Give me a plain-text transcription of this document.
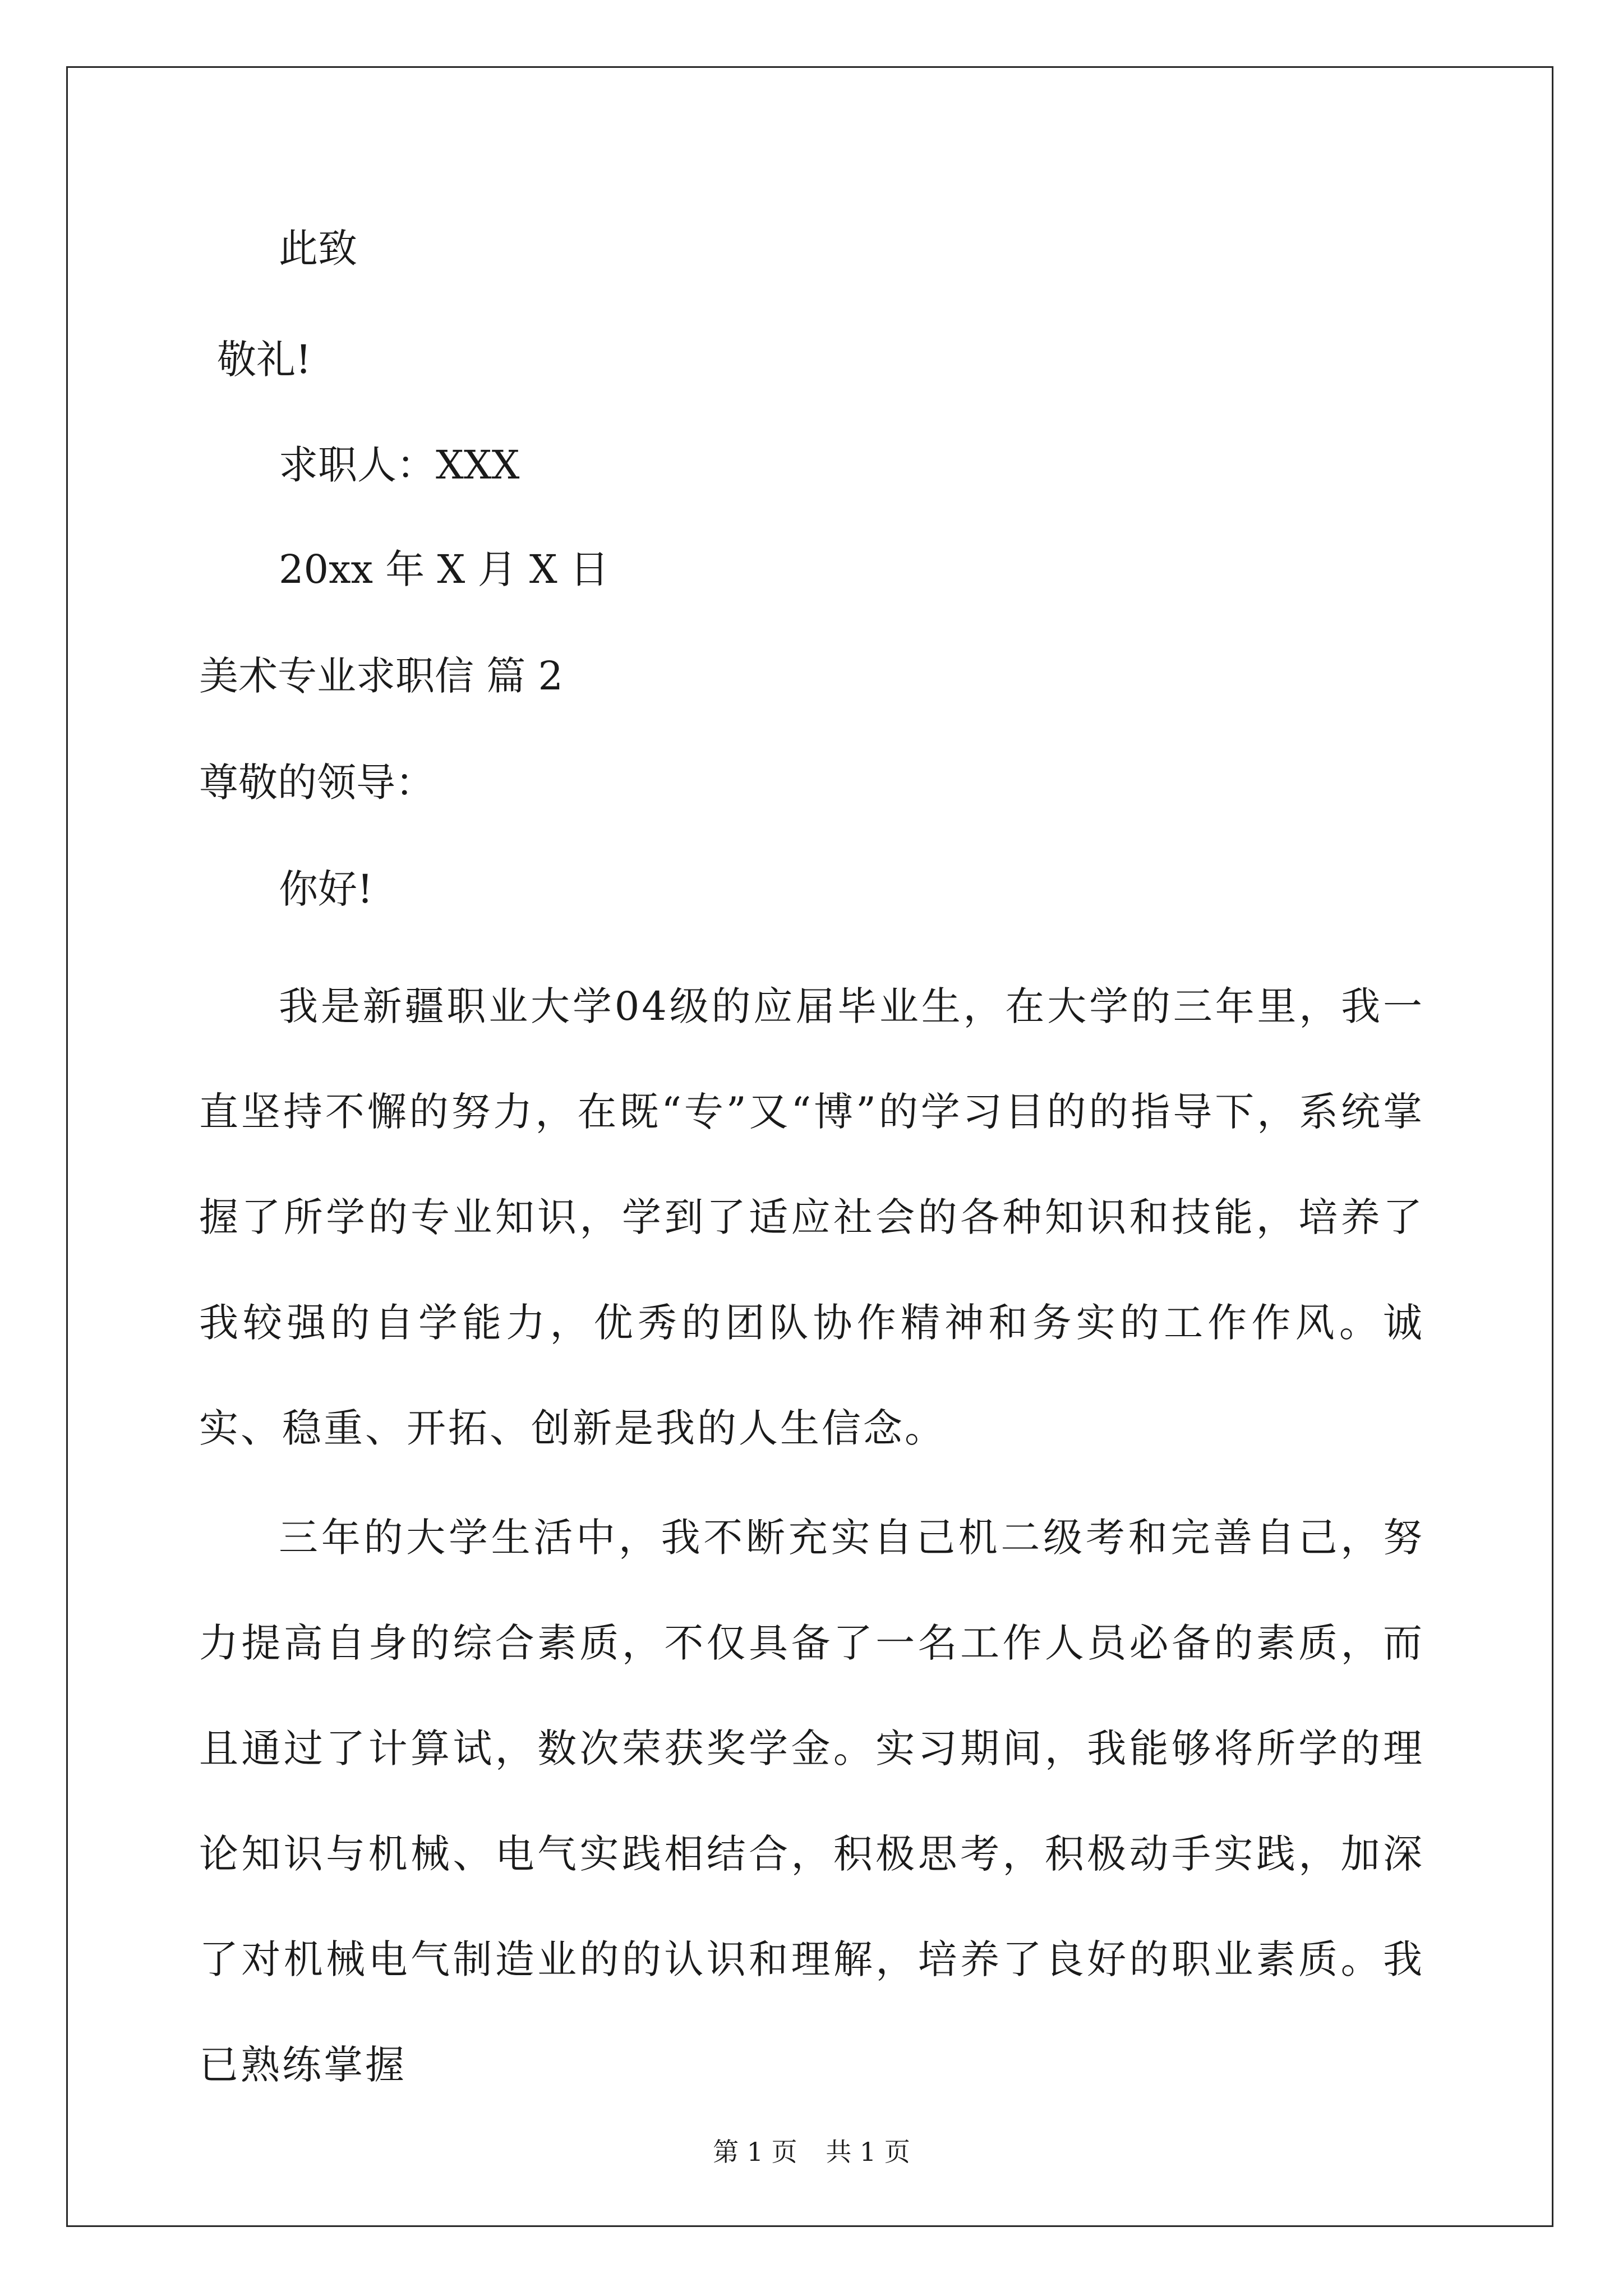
此致
敬礼!
求职人：XXX
20xx 年 X 月 X 日
美术专业求职信 篇 2
尊敬的领导：
你好!
我是新疆职业大学04级的应届毕业生，在大学的三年里，我一直坚持不懈的努力，在既“专”又“博”的学习目的的指导下，系统掌握了所学的专业知识，学到了适应社会的各种知识和技能，培养了我较强的自学能力，优秀的团队协作精神和务实的工作作风。诚实、稳重、开拓、创新是我的人生信念。
三年的大学生活中，我不断充实自己机二级考和完善自己，努力提高自身的综合素质，不仅具备了一名工作人员必备的素质，而且通过了计算试，数次荣获奖学金。实习期间，我能够将所学的理论知识与机械、电气实践相结合，积极思考，积极动手实践，加深了对机械电气制造业的的认识和理解，培养了良好的职业素质。我已熟练掌握
第 1 页 共 1 页
